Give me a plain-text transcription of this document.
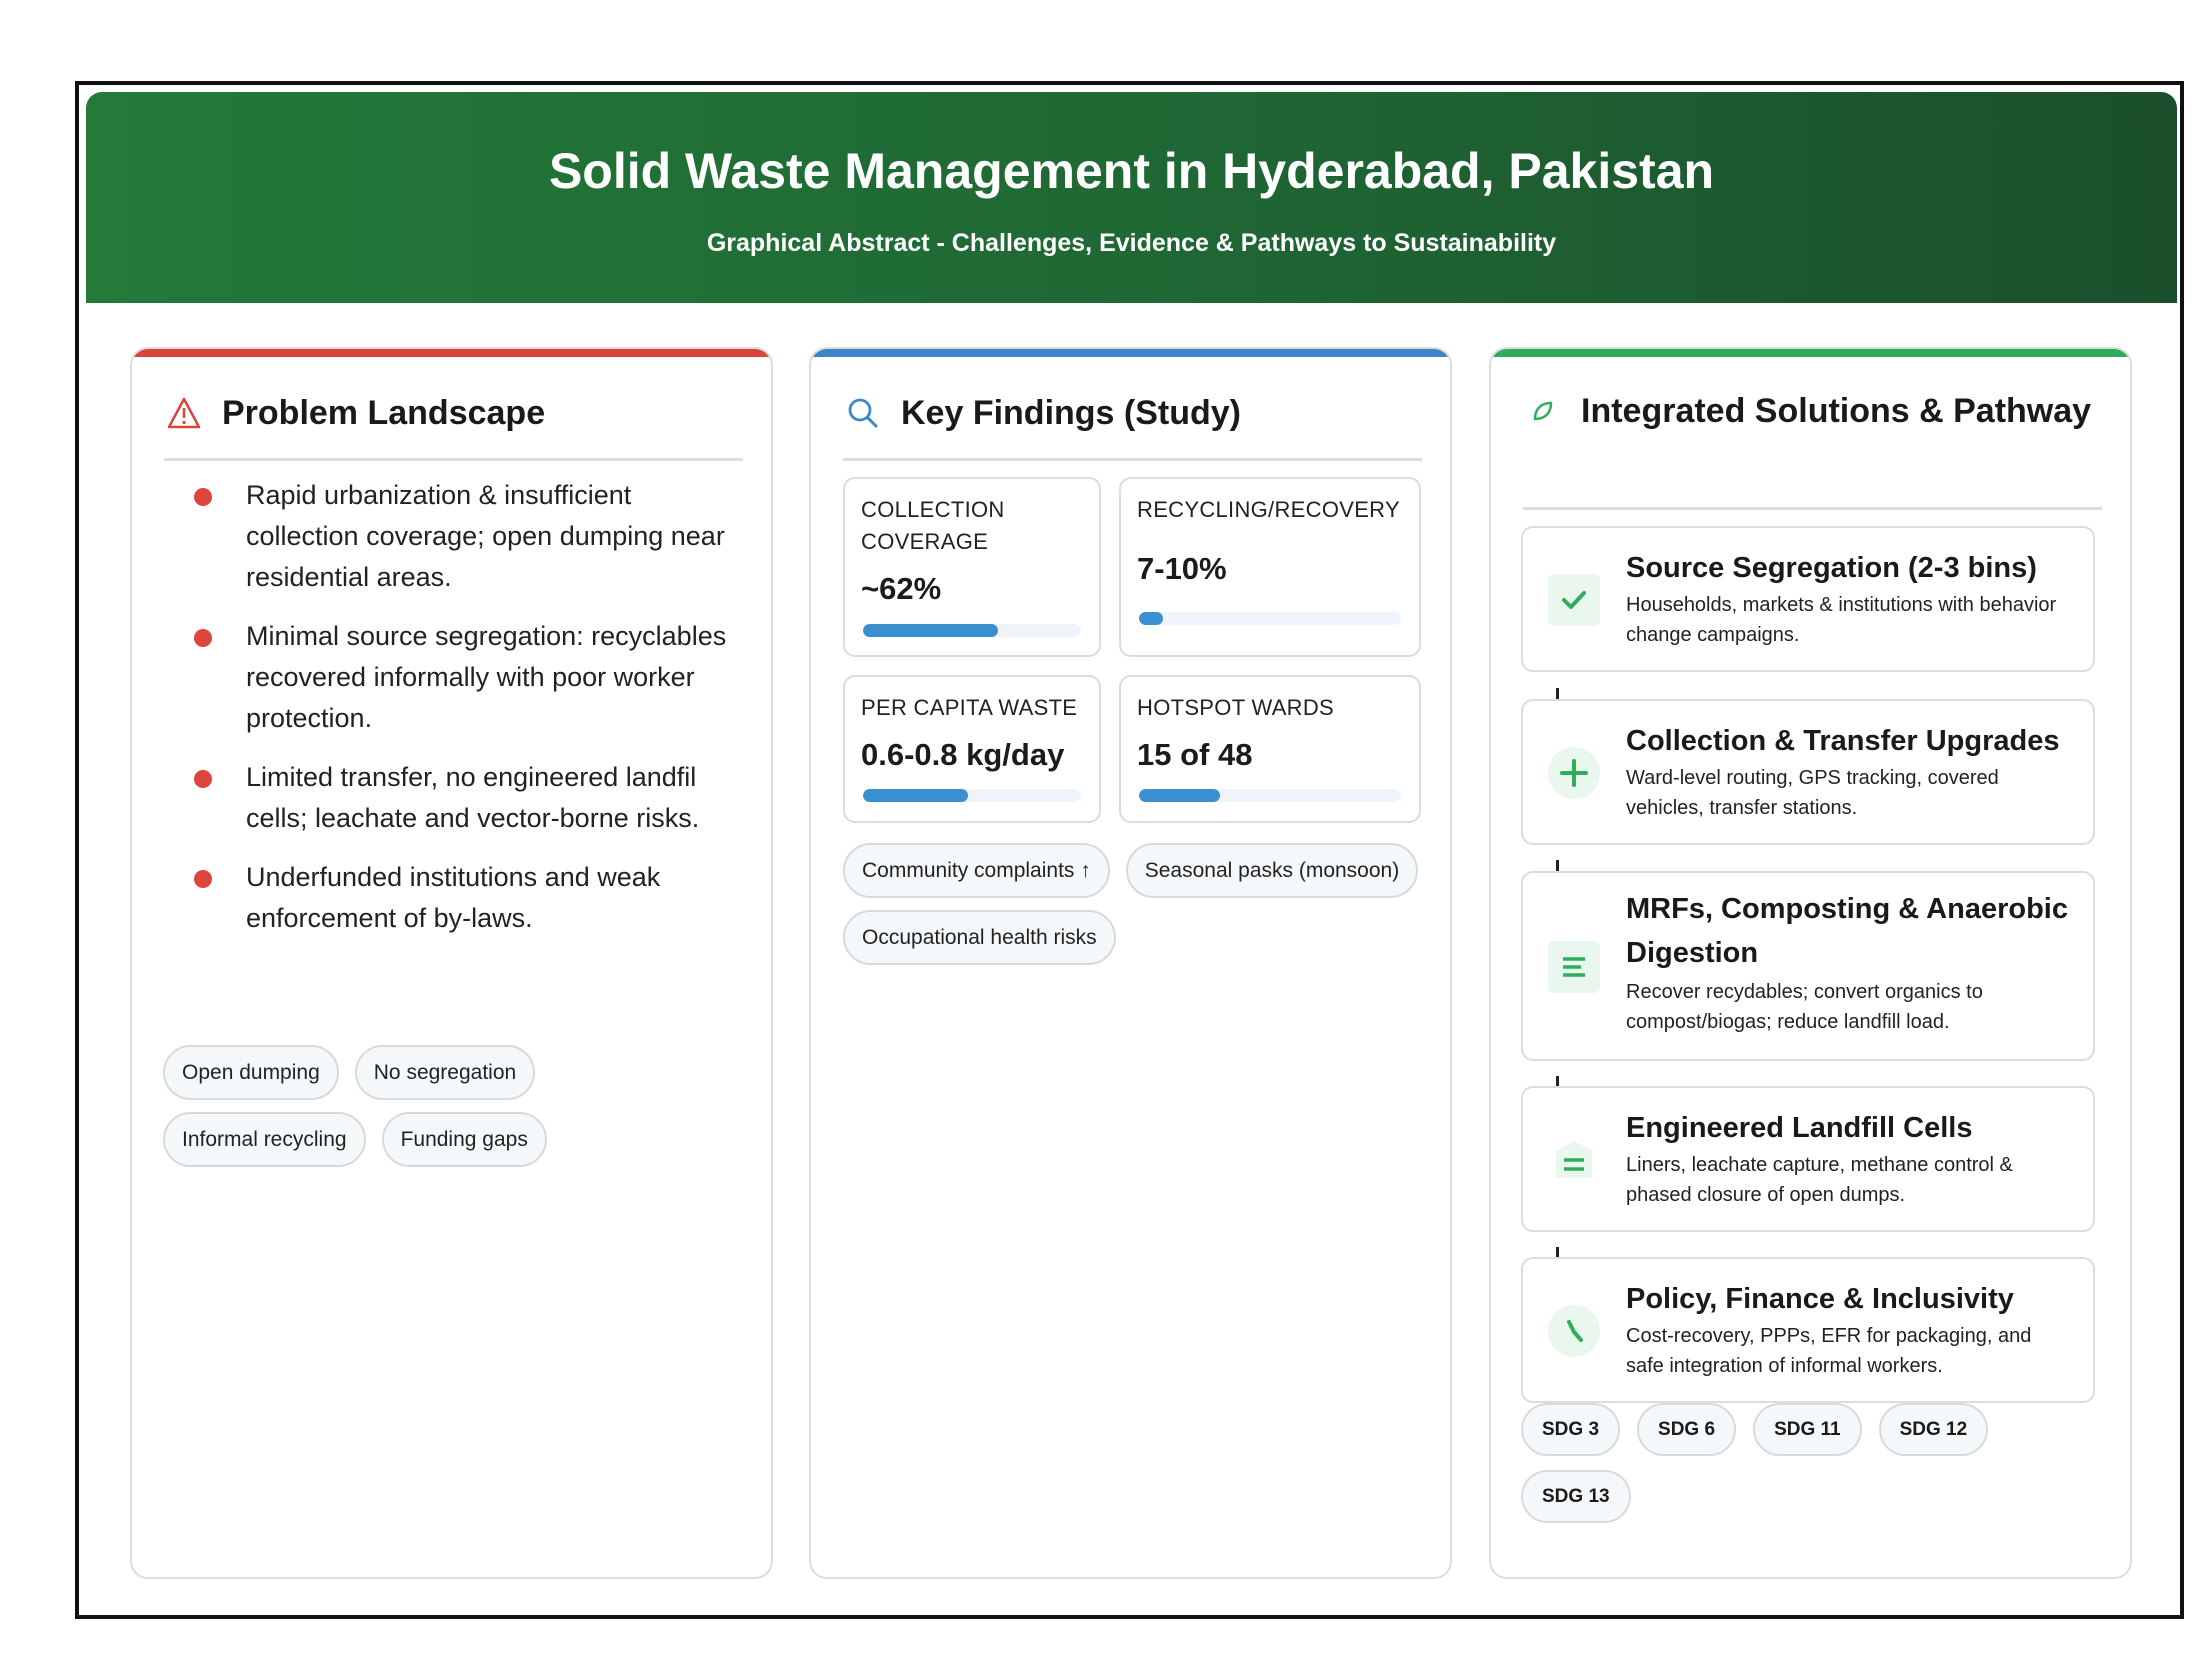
Solid Waste Management in Hyderabad, Pakistan
Graphical Abstract - Challenges, Evidence & Pathways to Sustainability
Problem Landscape
Rapid urbanization & insufficient collection coverage; open dumping near residential areas.
Minimal source segregation: recyclables recovered informally with poor worker protection.
Limited transfer, no engineered landfil cells; leachate and vector-borne risks.
Underfunded institutions and weak enforcement of by-laws.
Open dumping	No segregation
Informal recycling	Funding gaps
Key Findings (Study)
COLLECTION COVERAGE
~62%
RECYCLING/RECOVERY
7-10%
PER CAPITA WASTE
0.6-0.8 kg/day
HOTSPOT WARDS
15 of 48
Community complaints ↑	Seasonal pasks (monsoon)
Occupational health risks
Integrated Solutions & Pathway
Source Segregation (2-3 bins)
Households, markets & institutions with behavior change campaigns.
Collection & Transfer Upgrades
Ward-level routing, GPS tracking, covered vehicles, transfer stations.
MRFs, Composting & Anaerobic Digestion
Recover recydables; convert organics to compost/biogas; reduce landfill load.
Engineered Landfill Cells
Liners, leachate capture, methane control & phased closure of open dumps.
Policy, Finance & Inclusivity
Cost-recovery, PPPs, EFR for packaging, and safe integration of informal workers.
SDG 3	SDG 6	SDG 11	SDG 12
SDG 13
